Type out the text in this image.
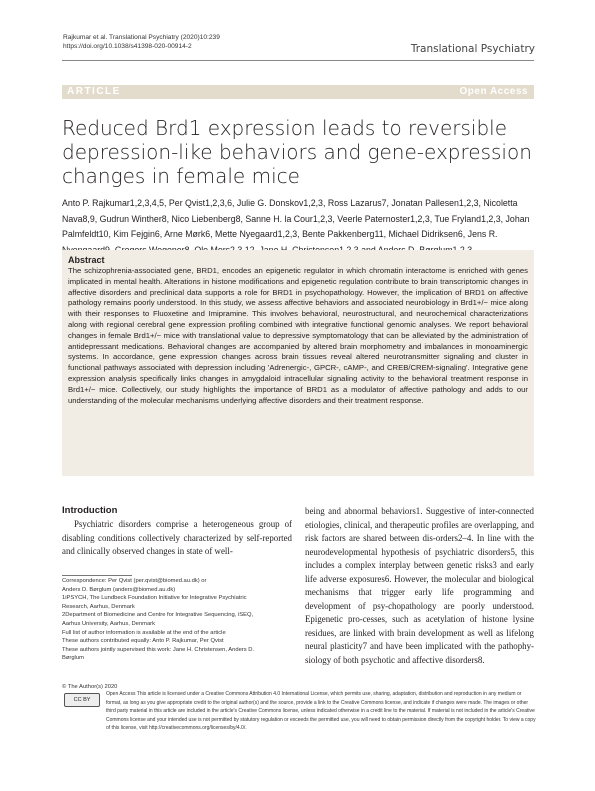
Rajkumar et al. Translational Psychiatry (2020)10:239
https://doi.org/10.1038/s41398-020-00914-2	Translational Psychiatry
ARTICLE	Open Access
Reduced Brd1 expression leads to reversible depression-like behaviors and gene-expression changes in female mice
Anto P. Rajkumar1,2,3,4,5, Per Qvist1,2,3,6, Julie G. Donskov1,2,3, Ross Lazarus7, Jonatan Pallesen1,2,3, Nicoletta Nava8,9, Gudrun Winther8, Nico Liebenberg8, Sanne H. la Cour1,2,3, Veerle Paternoster1,2,3, Tue Fryland1,2,3, Johan Palmfeldt10, Kim Fejgin6, Arne Mørk6, Mette Nyegaard1,2,3, Bente Pakkenberg11, Michael Didriksen6, Jens R.
Abstract
The schizophrenia-associated gene, BRD1, encodes an epigenetic regulator in which chromatin interactome is enriched with genes implicated in mental health. Alterations in histone modifications and epigenetic regulation contribute to brain transcriptomic changes in affective disorders and preclinical data supports a role for BRD1 in psychopathology. However, the implication of BRD1 on affective pathology remains poorly understood. In this study, we assess affective behaviors and associated neurobiology in Brd1+/− mice along with their responses to Fluoxetine and Imipramine. This involves behavioral, neurostructural, and neurochemical characterizations along with regional cerebral gene expression profiling combined with integrative functional genomic analyses. We report behavioral changes in female Brd1+/− mice with translational value to depressive symptomatology that can be alleviated by the administration of antidepressant medications. Behavioral changes are accompanied by altered brain morphometry and imbalances in monoaminergic systems. In accordance, gene expression changes across brain tissues reveal altered neurotransmitter signaling and cluster in functional pathways associated with depression including 'Adrenergic-, GPCR-, cAMP-, and CREB/CREM-signaling'. Integrative gene expression analysis specifically links changes in amygdaloid intracellular signaling activity to the behavioral treatment response in Brd1+/− mice. Collectively, our study highlights the importance of BRD1 as a modulator of affective pathology and adds to our understanding of the molecular mechanisms underlying affective disorders and their treatment response.
Introduction
Psychiatric disorders comprise a heterogeneous group of disabling conditions collectively characterized by self-reported and clinically observed changes in state of well-
being and abnormal behaviors1. Suggestive of inter-connected etiologies, clinical, and therapeutic profiles are overlapping, and risk factors are shared between dis-orders2–4. In line with the neurodevelopmental hypothesis of psychiatric disorders5, this includes a complex interplay between genetic risks3 and early life adverse exposures6. However, the molecular and biological mechanisms that trigger early life programming and development of psy-chopathology are poorly understood. Epigenetic pro-cesses, such as acetylation of histone lysine residues, are linked with brain development as well as lifelong neural plasticity7 and have been implicated with the pathophy-siology of both psychotic and affective disorders8.
Correspondence: Per Qvist (per.qvist@biomed.au.dk) or
Anders D. Børglum (anders@biomed.au.dk)
1iPSYCH, The Lundbeck Foundation Initiative for Integrative Psychiatric
Research, Aarhus, Denmark
2Department of Biomedicine and Centre for Integrative Sequencing, iSEQ,
Aarhus University, Aarhus, Denmark
Full list of author information is available at the end of the article
These authors contributed equally: Anto P. Rajkumar, Per Qvist
These authors jointly supervised this work: Jane H. Christensen, Anders D.
Børglum
© The Author(s) 2020
CC BY
Open Access This article is licensed under a Creative Commons Attribution 4.0 International License, which permits use, sharing, adaptation, distribution and reproduction in any medium or format, as long as you give appropriate credit to the original author(s) and the source, provide a link to the Creative Commons license, and indicate if changes were made. The images or other third party material in this article are included in the article's Creative Commons license, unless indicated otherwise in a credit line to the material. If material is not included in the article's Creative Commons license and your intended use is not permitted by statutory regulation or exceeds the permitted use, you will need to obtain permission directly from the copyright holder. To view a copy of this license, visit http://creativecommons.org/licenses/by/4.0/.
